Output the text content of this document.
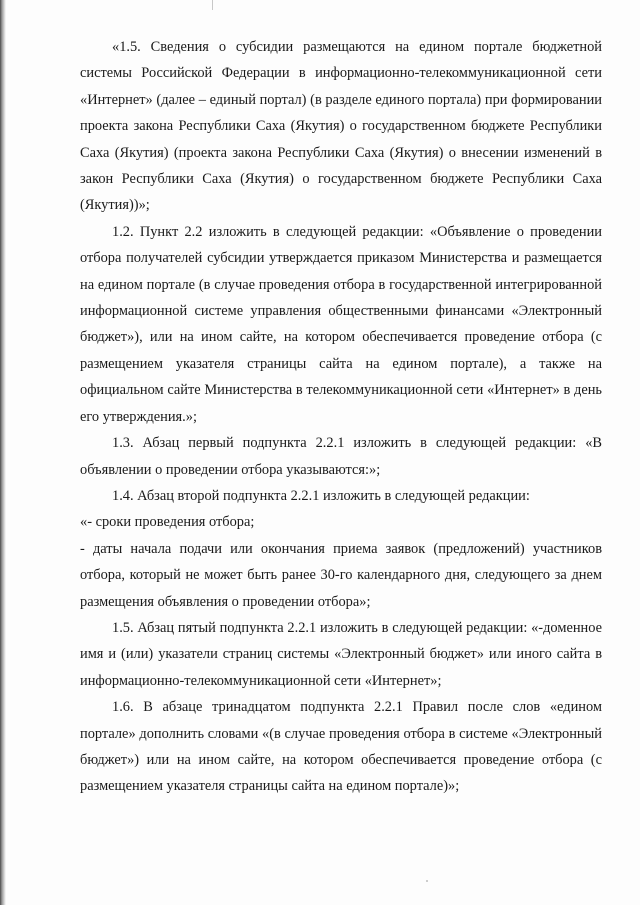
«1.5. Сведения о субсидии размещаются на едином портале бюджетной системы Российской Федерации в информационно-телекоммуникационной сети «Интернет» (далее – единый портал) (в разделе единого портала) при формировании проекта закона Республики Саха (Якутия) о государственном бюджете Республики Саха (Якутия) (проекта закона Республики Саха (Якутия) о внесении изменений в закон Республики Саха (Якутия) о государственном бюджете Республики Саха (Якутия))»;

1.2. Пункт 2.2 изложить в следующей редакции: «Объявление о проведении отбора получателей субсидии утверждается приказом Министерства и размещается на едином портале (в случае проведения отбора в государственной интегрированной информационной системе управления общественными финансами «Электронный бюджет»), или на ином сайте, на котором обеспечивается проведение отбора (с размещением указателя страницы сайта на едином портале), а также на официальном сайте Министерства в телекоммуникационной сети «Интернет» в день его утверждения.»;

1.3. Абзац первый подпункта 2.2.1 изложить в следующей редакции: «В объявлении о проведении отбора указываются:»;

1.4. Абзац второй подпункта 2.2.1 изложить в следующей редакции:

«- сроки проведения отбора;

- даты начала подачи или окончания приема заявок (предложений) участников отбора, который не может быть ранее 30-го календарного дня, следующего за днем размещения объявления о проведении отбора»;

1.5. Абзац пятый подпункта 2.2.1 изложить в следующей редакции: «-доменное имя и (или) указатели страниц системы «Электронный бюджет» или иного сайта в информационно-телекоммуникационной сети «Интернет»;

1.6. В абзаце тринадцатом подпункта 2.2.1 Правил после слов «едином портале» дополнить словами «(в случае проведения отбора в системе «Электронный бюджет») или на ином сайте, на котором обеспечивается проведение отбора (с размещением указателя страницы сайта на едином портале)»;
